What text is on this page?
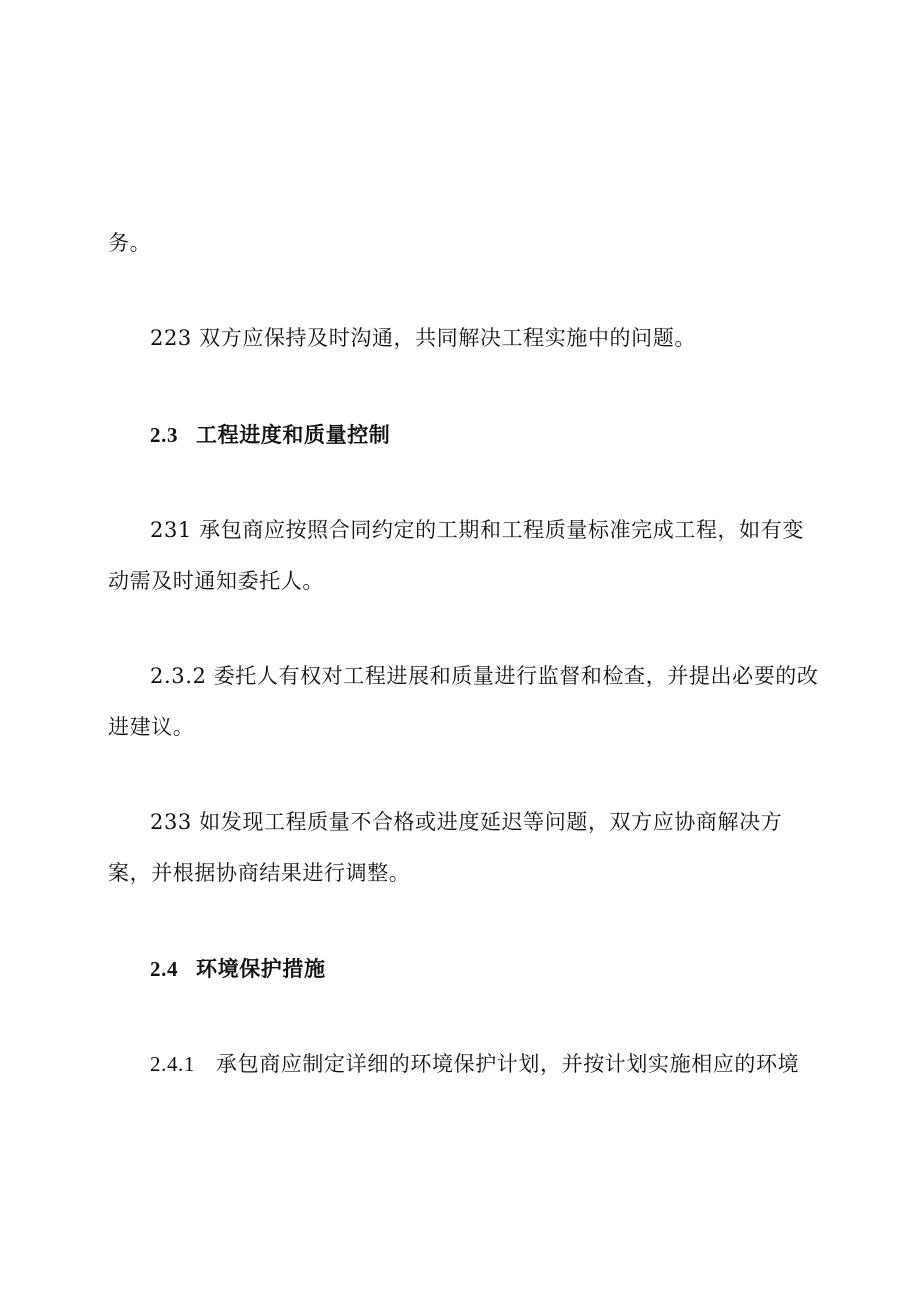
务。
223 双方应保持及时沟通，共同解决工程实施中的问题。
2.3 工程进度和质量控制
231 承包商应按照合同约定的工期和工程质量标准完成工程，如有变
动需及时通知委托人。
2.3.2 委托人有权对工程进展和质量进行监督和检查，并提出必要的改
进建议。
233 如发现工程质量不合格或进度延迟等问题，双方应协商解决方
案，并根据协商结果进行调整。
2.4 环境保护措施
2.4.1 承包商应制定详细的环境保护计划，并按计划实施相应的环境
